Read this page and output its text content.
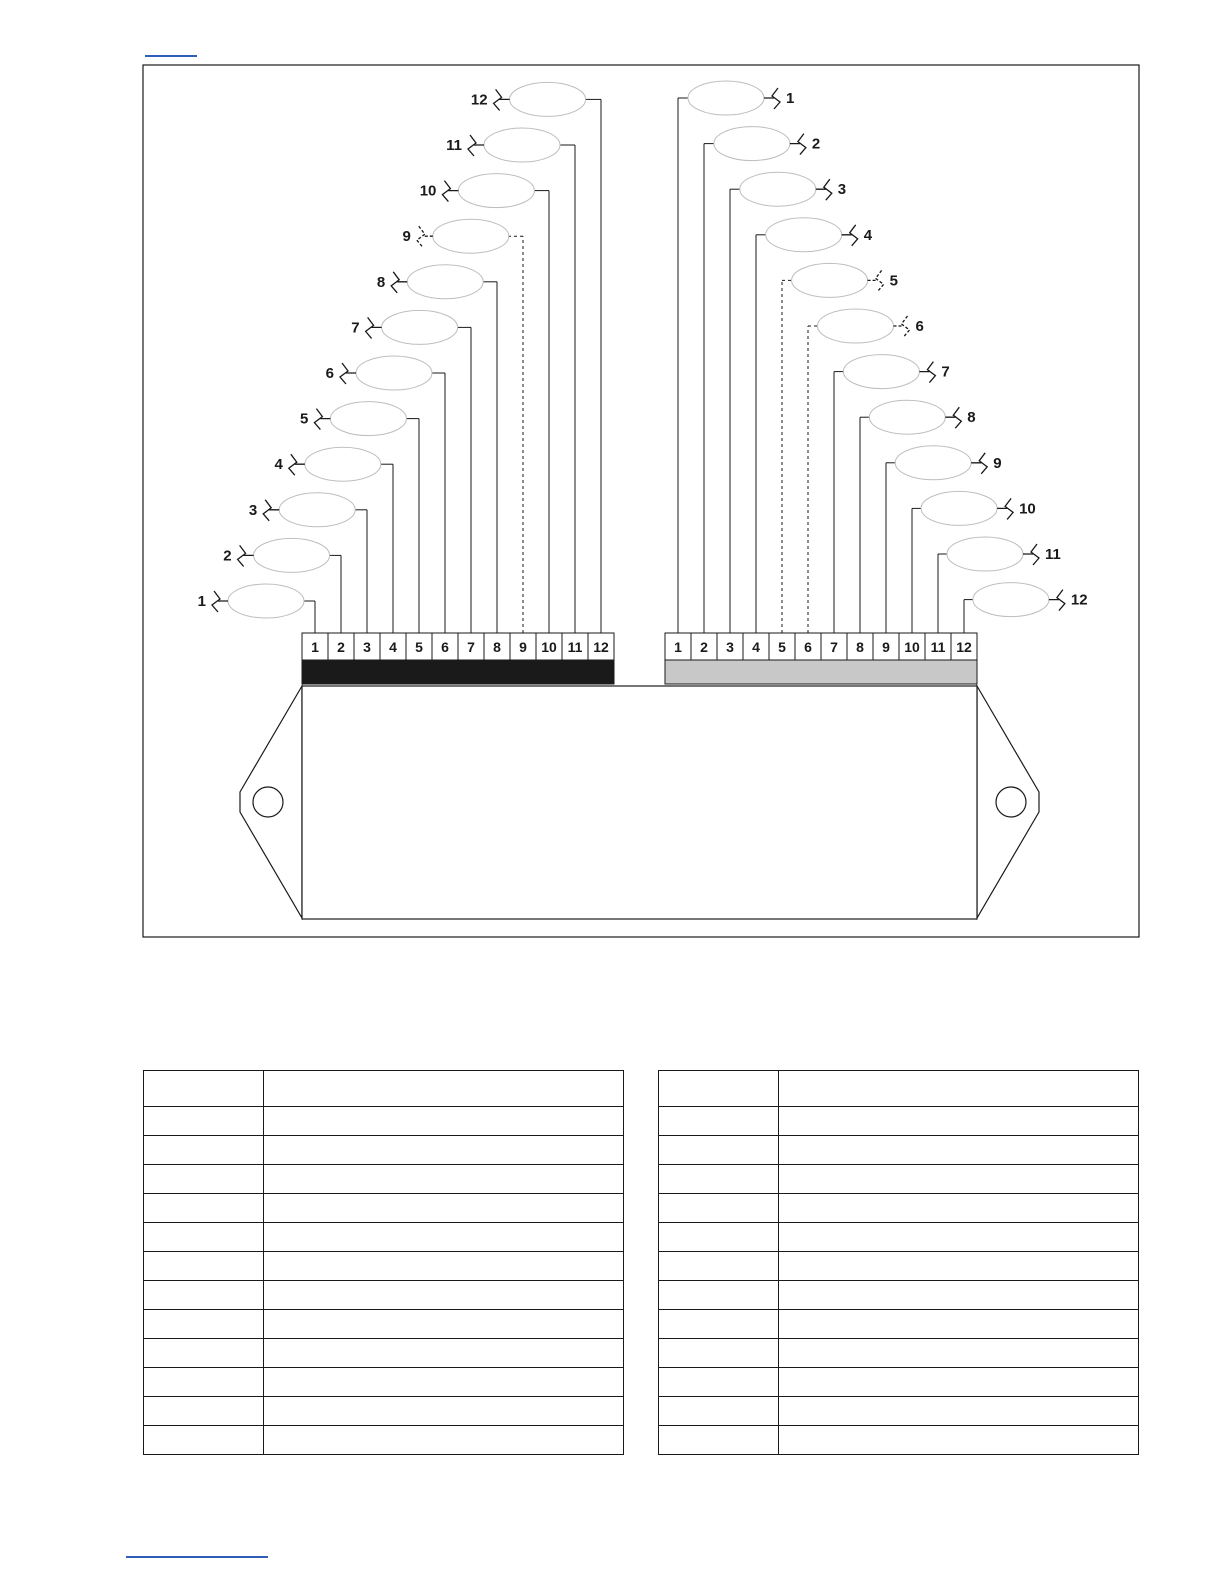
1
1
2
2
3
3
4
4
5
5
6
6
7
7
8
8
9
9
10
10
11
11
12
12
1
1
2
2
3
3
4
4
5
5
6
6
7
7
8
8
9
9
10
10
11
11
12
12
